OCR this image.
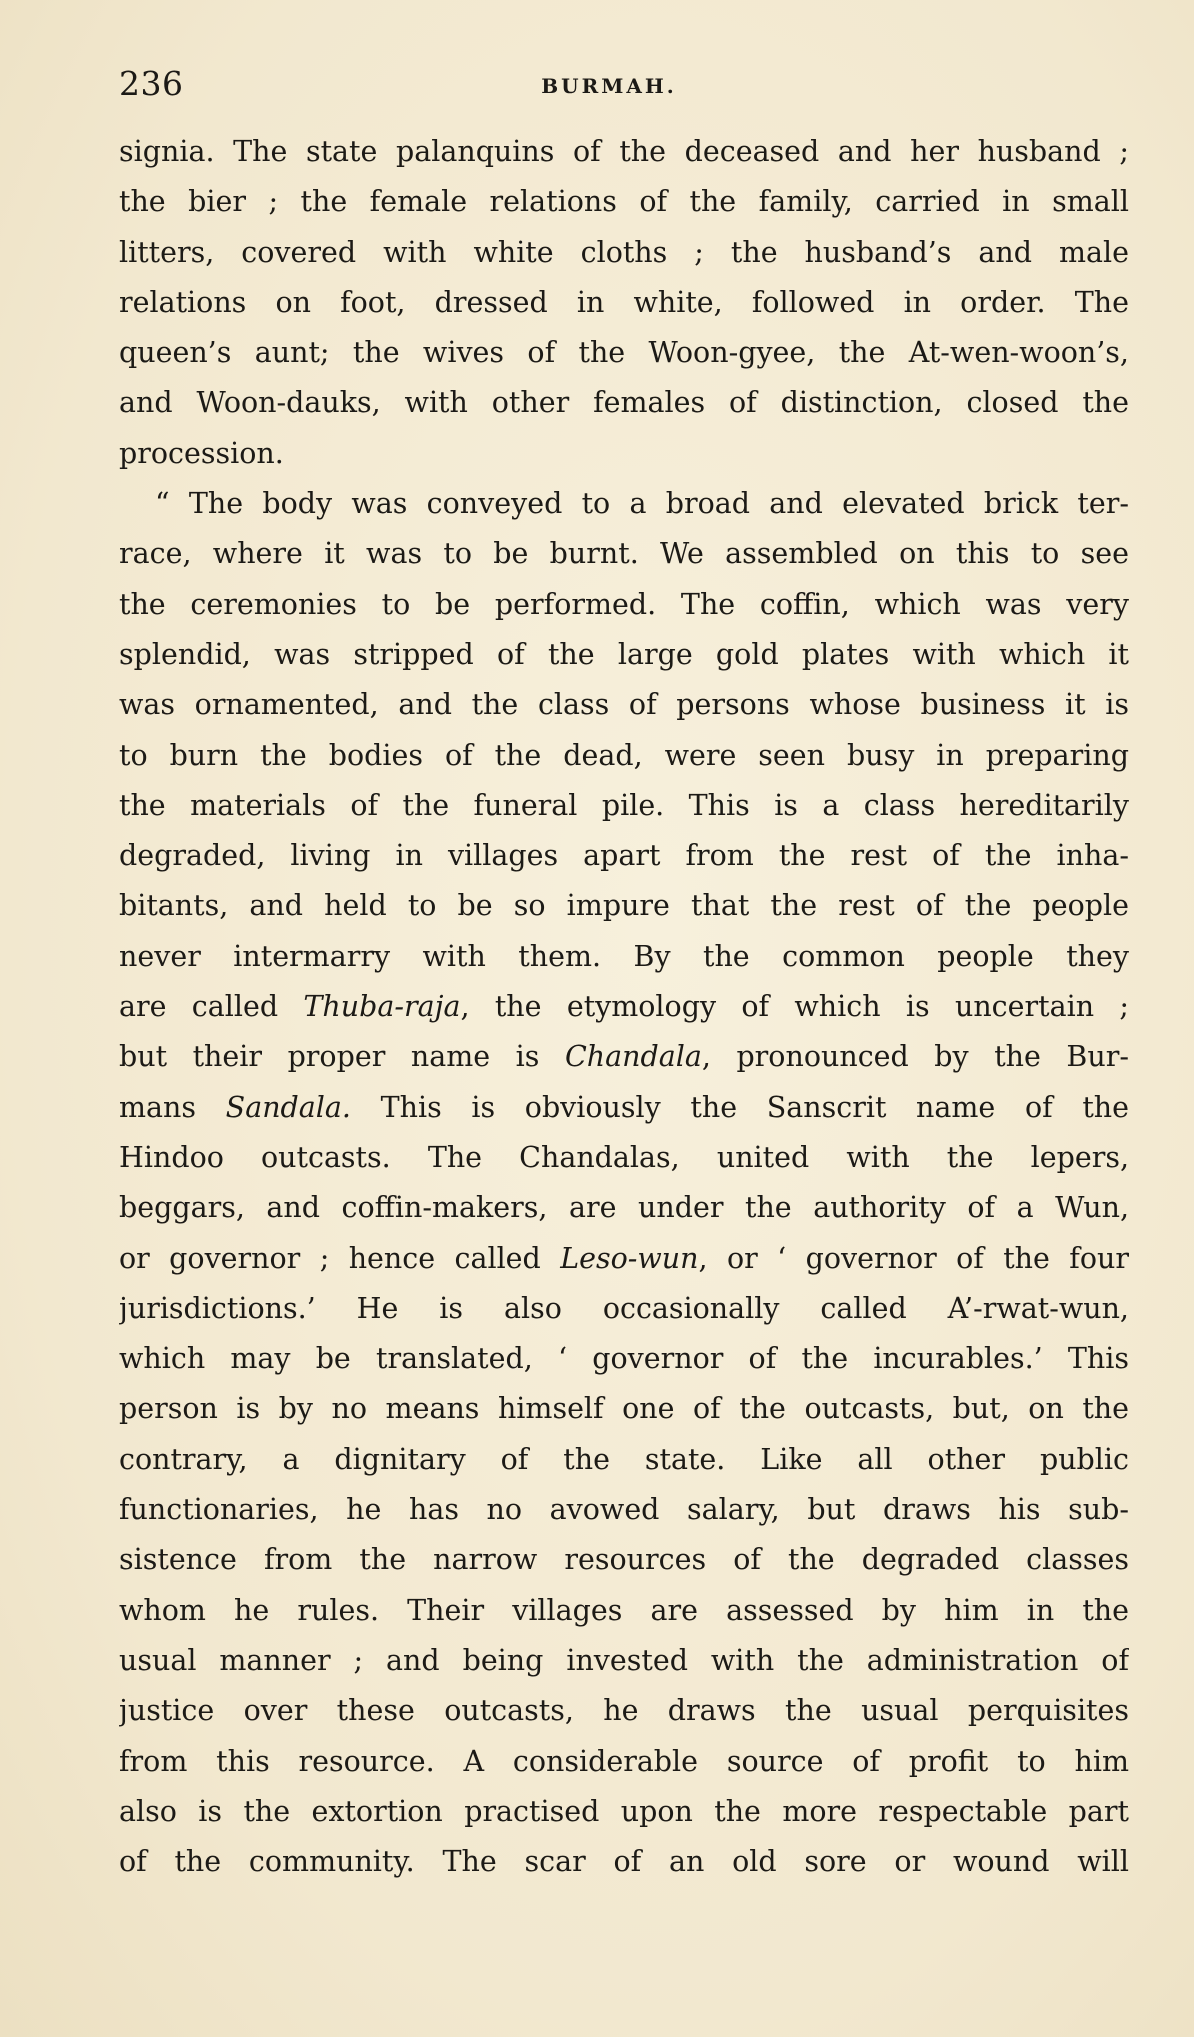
236	BURMAH.
signia. The state palanquins of the deceased and her husband ;
the bier ; the female relations of the family, carried in small
litters, covered with white cloths ; the husband’s and male
relations on foot, dressed in white, followed in order. The
queen’s aunt; the wives of the Woon-gyee, the At-wen-woon’s,
and Woon-dauks, with other females of distinction, closed the
procession.
“ The body was conveyed to a broad and elevated brick ter-
race, where it was to be burnt. We assembled on this to see
the ceremonies to be performed. The coffin, which was very
splendid, was stripped of the large gold plates with which it
was ornamented, and the class of persons whose business it is
to burn the bodies of the dead, were seen busy in preparing
the materials of the funeral pile. This is a class hereditarily
degraded, living in villages apart from the rest of the inha-
bitants, and held to be so impure that the rest of the people
never intermarry with them. By the common people they
are called Thuba-raja, the etymology of which is uncertain ;
but their proper name is Chandala, pronounced by the Bur-
mans Sandala. This is obviously the Sanscrit name of the
Hindoo outcasts. The Chandalas, united with the lepers,
beggars, and coffin-makers, are under the authority of a Wun,
or governor ; hence called Leso-wun, or ‘ governor of the four
jurisdictions.’ He is also occasionally called A’-rwat-wun,
which may be translated, ‘ governor of the incurables.’ This
person is by no means himself one of the outcasts, but, on the
contrary, a dignitary of the state. Like all other public
functionaries, he has no avowed salary, but draws his sub-
sistence from the narrow resources of the degraded classes
whom he rules. Their villages are assessed by him in the
usual manner ; and being invested with the administration of
justice over these outcasts, he draws the usual perquisites
from this resource. A considerable source of profit to him
also is the extortion practised upon the more respectable part
of the community. The scar of an old sore or wound will
